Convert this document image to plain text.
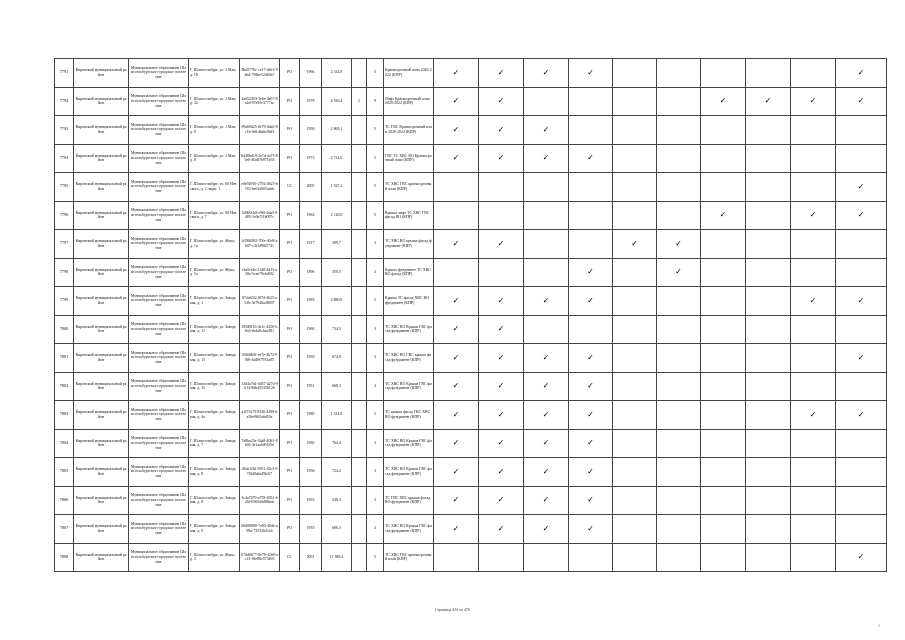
7791	Кировский муниципальный район	Муниципальное образование Шлиссельбургское городское поселение	Г. Шлиссельбург, ул. 1 Мая, д. 18	8bd5776c-ce17-4eb1-9bb4-798ae52469a7	РО	1966	2 314,8		5	Краткосрочный план 2020-2022 (КПР)	✓	✓	✓	✓						✓
7792	Кировский муниципальный район	Муниципальное образование Шлиссельбургское городское поселение	Г. Шлиссельбург, ул. 1 Мая, д. 32	4ad52453-3ebe-4a07-8a2d-97e95e3777ac	РО	1978	6 536,4	2	9	Лифт Краткосрочный план 2020-2022 (КПР)	✓	✓					✓	✓	✓	✓
7793	Кировский муниципальный район	Муниципальное образование Шлиссельбургское городское поселение	Г. Шлиссельбург, ул. 1 Мая, д. 9	99a69d25-0e79-4da5-8c1b-0d1dba6e9fd3	РО	1958	2 865,1		5	ТС ГВС Краткосрочный план 2020-2022 (КПР)	✓	✓	✓							
7794	Кировский муниципальный район	Муниципальное образование Шлиссельбургское городское поселение	Г. Шлиссельбург, ул. 1 Мая, д. 8	6440bd19-2a7d-4a75-85e0-40a87b971633	РО	1973	4 724,6		5	ГВС ТС ХВС ВО Краткосрочный план (КПР)	✓	✓	✓	✓						
7795	Кировский муниципальный район	Муниципальное образование Шлиссельбургское городское поселение	Г. Шлиссельбург, ул. 68 Невского, д. 2, корп. 1	ede92916-2792-4b25-b743-be61a605a4eb	СС	2005	1 527,2		5	ТС ХВС ГВС краткосрочный план (КПР)										✓
7796	Кировский муниципальный район	Муниципальное образование Шлиссельбургское городское поселение	Г. Шлиссельбург, ул. 68 Невского, д. 7	5d3b0cb8-e96f-4da5-8485-1e0e7f1b097c	РО	1962	2 120,8		5	Крыша лифт ТС ХВС ГВС фасад ВО (КПР)							✓		✓	✓
7797	Кировский муниципальный район	Муниципальное образование Шлиссельбургское городское поселение	Г. Шлиссельбург, ул. Жука, д. 1а	b3566382-70fe-40c8-ab07-c3f1d98f5741	РО	1917	389,7		3	ТС ХВС ВО крыша фасад фундамент (КПР)	✓	✓			✓	✓				
7798	Кировский муниципальный район	Муниципальное образование Шлиссельбургское городское поселение	Г. Шлиссельбург, ул. Жука, д. 5а	cba5cf4e-21d8-4d15-a38e-5cee79e6d0f2	РО	1896	350,5		3	Крыша фундамент ТС ХВС ВО фасад (КПР)				✓		✓				
7799	Кировский муниципальный район	Муниципальное образование Шлиссельбургское городское поселение	Г. Шлиссельбург, ул. Заводская, д. 1	07cb6f32-0f7d-4b25-a61b-3e7946a48697	РО	1983	4 880,8		5	Крыша ТС фасад ХВС ВО фундамент (КПР)	✓	✓	✓	✓					✓	✓
7800	Кировский муниципальный район	Муниципальное образование Шлиссельбургское городское поселение	Г. Шлиссельбург, ул. Заводская, д. 11	81849f16-4e1c-4250-b8a5-eb4a6c6ae481	РО	1960	734,5		3	ТС ХВС ВО Крыша ГВС фасад фундамент (КПР)	✓	✓								
7801	Кировский муниципальный район	Муниципальное образование Шлиссельбургское городское поселение	Г. Шлиссельбург, ул. Заводская, д. 13	39266b9f-ee7e-4b72-98f0-4d49f7931a85	РО	1959	674,8		3	ТС ХВС ВО ГВС крыша фасад фундамент (КПР)	✓	✓	✓	✓						✓
7802	Кировский муниципальный район	Муниципальное образование Шлиссельбургское городское поселение	Г. Шлиссельбург, ул. Заводская, д. 15	13d4a764-4d57-427d-9613-8db45535b126	РО	1951	668,3		3	ТС ХВС ВО Крыша ГВС фасад фундамент (КПР)	✓	✓	✓	✓						
7803	Кировский муниципальный район	Муниципальное образование Шлиссельбургское городское поселение	Г. Шлиссельбург, ул. Заводская, д. 4а	a1f57a75-8346-4298-ba56e9f65a6d53e	РО	1980	1 314,8		5	ТС крыша фасад ГВС ХВС ВО фундамент (КПР)	✓	✓	✓	✓					✓	✓
7804	Кировский муниципальный район	Муниципальное образование Шлиссельбургское городское поселение	Г. Шлиссельбург, ул. Заводская, д. 7	7a8ba23e-34a8-4061-8b0f-3e1aa6d5f35d	РО	1960	764,4		3	ТС ХВС ВО Крыша ГВС фасад фундамент (КПР)	✓	✓	✓	✓						
7805	Кировский муниципальный район	Муниципальное образование Шлиссельбургское городское поселение	Г. Шлиссельбург, ул. Заводская, д. 8	d5da1f4d-3951-45c3-970f40a6a49b3f7	РО	1956	724,2		3	ТС ХВС ВО Крыша ГВС фасад фундамент (КПР)	✓	✓	✓	✓						
7806	Кировский муниципальный район	Муниципальное образование Шлиссельбургское городское поселение	Г. Шлиссельбург, ул. Заводская, д. 8	3c4a7470-a758-4051-b2fd-0565d4d86bdc	РО	1953	548,3		3	ТС ГВС ХВС крыша фасад ВО фундамент (КПР)	✓	✓	✓	✓						
7807	Кировский муниципальный район	Муниципальное образование Шлиссельбургское городское поселение	Г. Шлиссельбург, ул. Заводская, д. 9	60d08880-7e83-40de-a98a-735526d1e4	РО	1955	686,3		3	ТС ХВС ВО Крыша ГВС фасад фундамент (КПР)	✓	✓	✓	✓						
7808	Кировский муниципальный район	Муниципальное образование Шлиссельбургское городское поселение	Г. Шлиссельбург, ул. Жука, д. 3	07dd0677-0e79-4268-ac13-38e88e573495	СС	2001	11 388,4		5	ТС ХВС ГВС краткосрочный план (КПР)										✓
Страница 434 из 476
1
